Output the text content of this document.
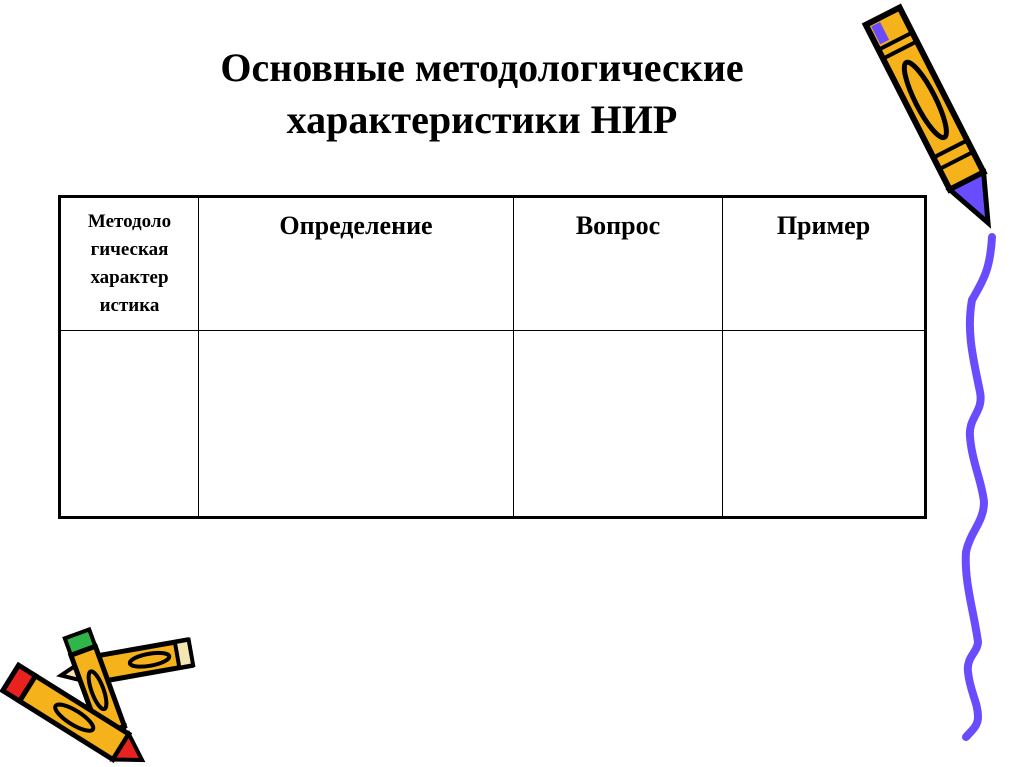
Основные методологические
характеристики НИР
Методоло
гическая
характер
истика	Определение	Вопрос	Пример
